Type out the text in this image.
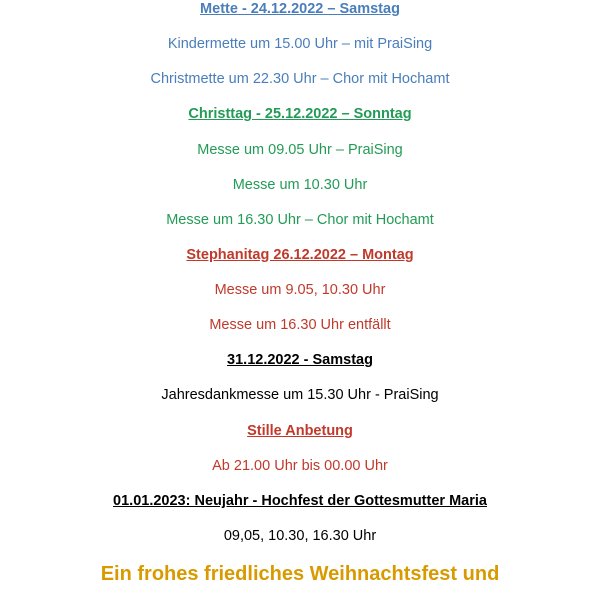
Mette - 24.12.2022 – Samstag

Kindermette um 15.00 Uhr – mit PraiSing

Christmette um 22.30 Uhr – Chor mit Hochamt

Christtag - 25.12.2022 – Sonntag

Messe um 09.05 Uhr – PraiSing

Messe um 10.30 Uhr

Messe um 16.30 Uhr – Chor mit Hochamt

Stephanitag 26.12.2022 – Montag

Messe um 9.05, 10.30 Uhr

Messe um 16.30 Uhr entfällt

31.12.2022 - Samstag

Jahresdankmesse um 15.30 Uhr - PraiSing

Stille Anbetung

Ab 21.00 Uhr bis 00.00 Uhr

01.01.2023: Neujahr - Hochfest der Gottesmutter Maria

09,05, 10.30, 16.30 Uhr

Ein frohes friedliches Weihnachtsfest und
